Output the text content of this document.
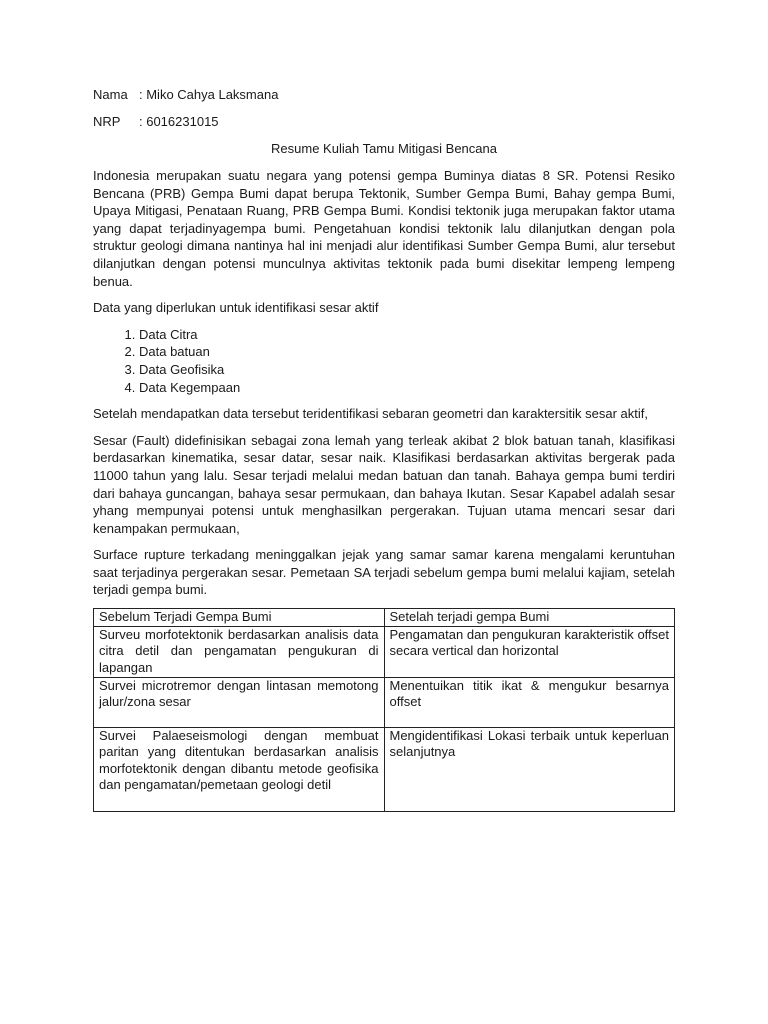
Nama : Miko Cahya Laksmana
NRP	: 6016231015
Resume Kuliah Tamu Mitigasi Bencana

Indonesia merupakan suatu negara yang potensi gempa Buminya diatas 8 SR. Potensi Resiko Bencana (PRB) Gempa Bumi dapat berupa Tektonik, Sumber Gempa Bumi, Bahay gempa Bumi, Upaya Mitigasi, Penataan Ruang, PRB Gempa Bumi. Kondisi tektonik juga merupakan faktor utama yang dapat terjadinyagempa bumi. Pengetahuan kondisi tektonik lalu dilanjutkan dengan pola struktur geologi dimana nantinya hal ini menjadi alur identifikasi Sumber Gempa Bumi, alur tersebut dilanjutkan dengan potensi munculnya aktivitas tektonik pada bumi disekitar lempeng lempeng benua.

Data yang diperlukan untuk identifikasi sesar aktif

1. Data Citra
2. Data batuan
3. Data Geofisika
4. Data Kegempaan

Setelah mendapatkan data tersebut teridentifikasi sebaran geometri dan karaktersitik sesar aktif,

Sesar (Fault) didefinisikan sebagai zona lemah yang terleak akibat 2 blok batuan tanah, klasifikasi berdasarkan kinematika, sesar datar, sesar naik. Klasifikasi berdasarkan aktivitas bergerak pada 11000 tahun yang lalu. Sesar terjadi melalui medan batuan dan tanah. Bahaya gempa bumi terdiri dari bahaya guncangan, bahaya sesar permukaan, dan bahaya Ikutan. Sesar Kapabel adalah sesar yhang mempunyai potensi untuk menghasilkan pergerakan. Tujuan utama mencari sesar dari kenampakan permukaan,

Surface rupture terkadang meninggalkan jejak yang samar samar karena mengalami keruntuhan saat terjadinya pergerakan sesar. Pemetaan SA terjadi sebelum gempa bumi melalui kajiam, setelah terjadi gempa bumi.

Sebelum Terjadi Gempa Bumi	Setelah terjadi gempa Bumi
Surveu morfotektonik berdasarkan analisis data citra detil dan pengamatan pengukuran di lapangan	Pengamatan dan pengukuran karakteristik offset secara vertical dan horizontal
Survei microtremor dengan lintasan memotong jalur/zona sesar	Menentuikan titik ikat & mengukur besarnya offset
Survei Palaeseismologi dengan membuat paritan yang ditentukan berdasarkan analisis morfotektonik dengan dibantu metode geofisika dan pengamatan/pemetaan geologi detil	Mengidentifikasi Lokasi terbaik untuk keperluan selanjutnya
